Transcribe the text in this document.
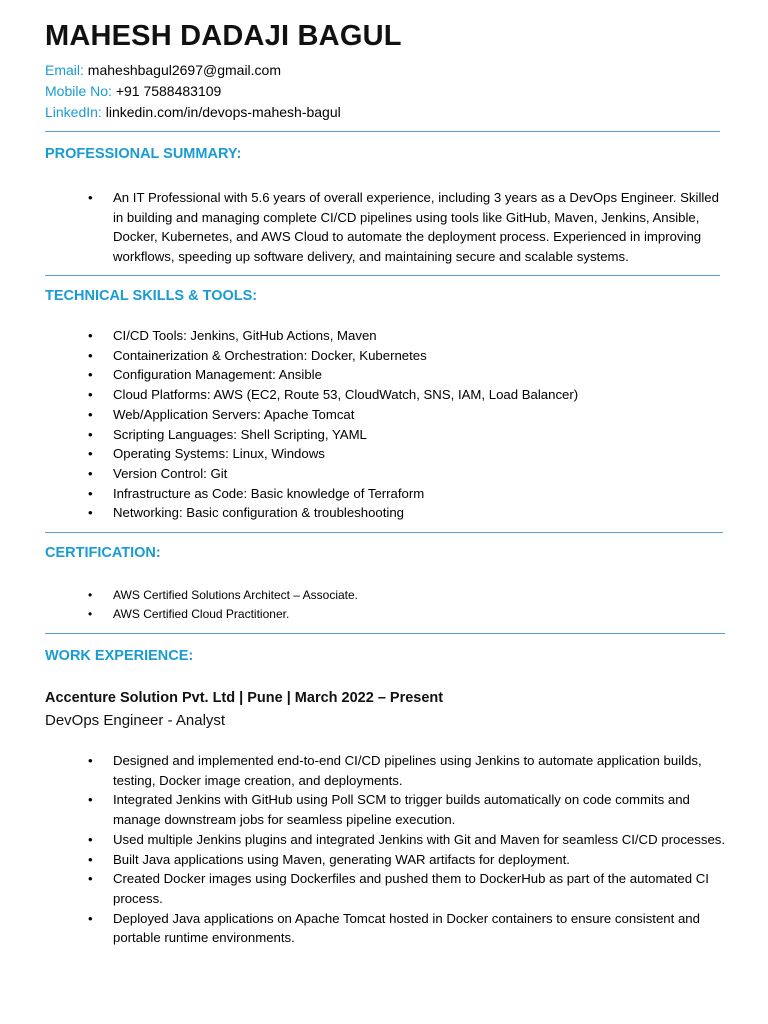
MAHESH DADAJI BAGUL
Email: maheshbagul2697@gmail.com
Mobile No: +91 7588483109
LinkedIn: linkedin.com/in/devops-mahesh-bagul
PROFESSIONAL SUMMARY:
• An IT Professional with 5.6 years of overall experience, including 3 years as a DevOps Engineer. Skilled in building and managing complete CI/CD pipelines using tools like GitHub, Maven, Jenkins, Ansible, Docker, Kubernetes, and AWS Cloud to automate the deployment process. Experienced in improving workflows, speeding up software delivery, and maintaining secure and scalable systems.
TECHNICAL SKILLS & TOOLS:
• CI/CD Tools: Jenkins, GitHub Actions, Maven
• Containerization & Orchestration: Docker, Kubernetes
• Configuration Management: Ansible
• Cloud Platforms: AWS (EC2, Route 53, CloudWatch, SNS, IAM, Load Balancer)
• Web/Application Servers: Apache Tomcat
• Scripting Languages: Shell Scripting, YAML
• Operating Systems: Linux, Windows
• Version Control: Git
• Infrastructure as Code: Basic knowledge of Terraform
• Networking: Basic configuration & troubleshooting
CERTIFICATION:
• AWS Certified Solutions Architect – Associate.
• AWS Certified Cloud Practitioner.
WORK EXPERIENCE:
Accenture Solution Pvt. Ltd | Pune | March 2022 – Present
DevOps Engineer - Analyst
• Designed and implemented end-to-end CI/CD pipelines using Jenkins to automate application builds, testing, Docker image creation, and deployments.
• Integrated Jenkins with GitHub using Poll SCM to trigger builds automatically on code commits and manage downstream jobs for seamless pipeline execution.
• Used multiple Jenkins plugins and integrated Jenkins with Git and Maven for seamless CI/CD processes.
• Built Java applications using Maven, generating WAR artifacts for deployment.
• Created Docker images using Dockerfiles and pushed them to DockerHub as part of the automated CI process.
• Deployed Java applications on Apache Tomcat hosted in Docker containers to ensure consistent and portable runtime environments.
